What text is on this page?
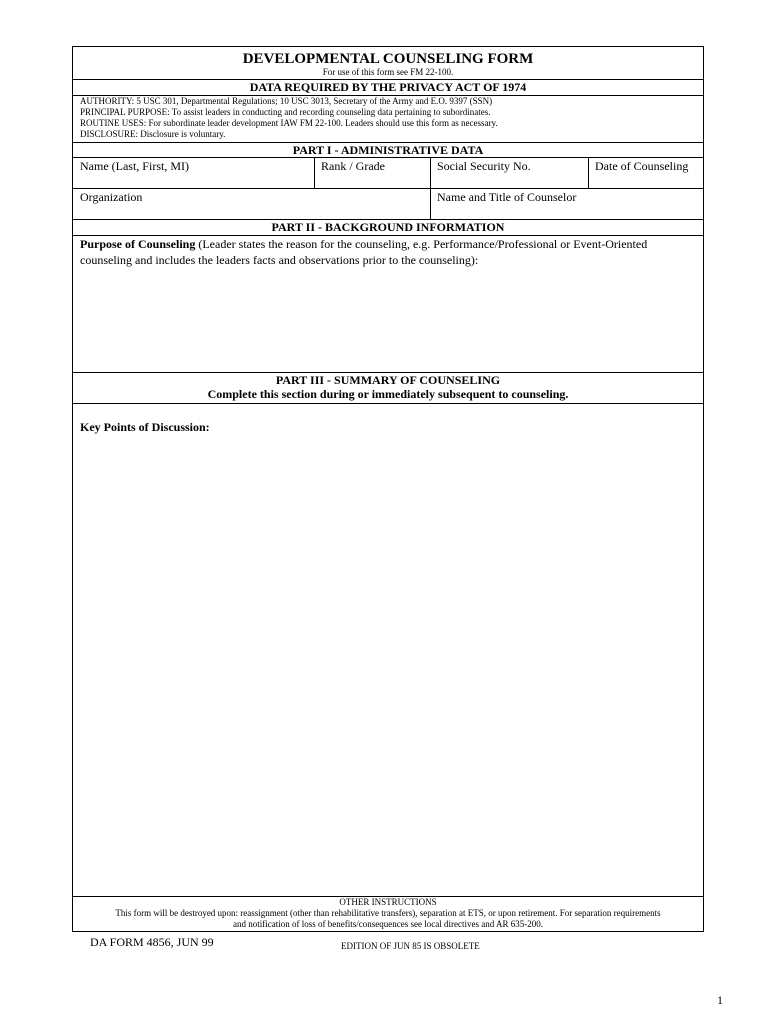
DEVELOPMENTAL COUNSELING FORM
For use of this form see FM 22-100.
DATA REQUIRED BY THE PRIVACY ACT OF 1974
AUTHORITY: 5 USC 301, Departmental Regulations; 10 USC 3013, Secretary of the Army and E.O. 9397 (SSN)
PRINCIPAL PURPOSE: To assist leaders in conducting and recording counseling data pertaining to subordinates.
ROUTINE USES: For subordinate leader development IAW FM 22-100. Leaders should use this form as necessary.
DISCLOSURE: Disclosure is voluntary.
PART I - ADMINISTRATIVE DATA
Name (Last, First, MI)	Rank / Grade	Social Security No.	Date of Counseling
Organization	Name and Title of Counselor
PART II - BACKGROUND INFORMATION
Purpose of Counseling (Leader states the reason for the counseling, e.g. Performance/Professional or Event-Oriented counseling and includes the leaders facts and observations prior to the counseling):
PART III - SUMMARY OF COUNSELING
Complete this section during or immediately subsequent to counseling.
Key Points of Discussion:
OTHER INSTRUCTIONS
This form will be destroyed upon: reassignment (other than rehabilitative transfers), separation at ETS, or upon retirement. For separation requirements
and notification of loss of benefits/consequences see local directives and AR 635-200.
DA FORM 4856, JUN 99	EDITION OF JUN 85 IS OBSOLETE
1
